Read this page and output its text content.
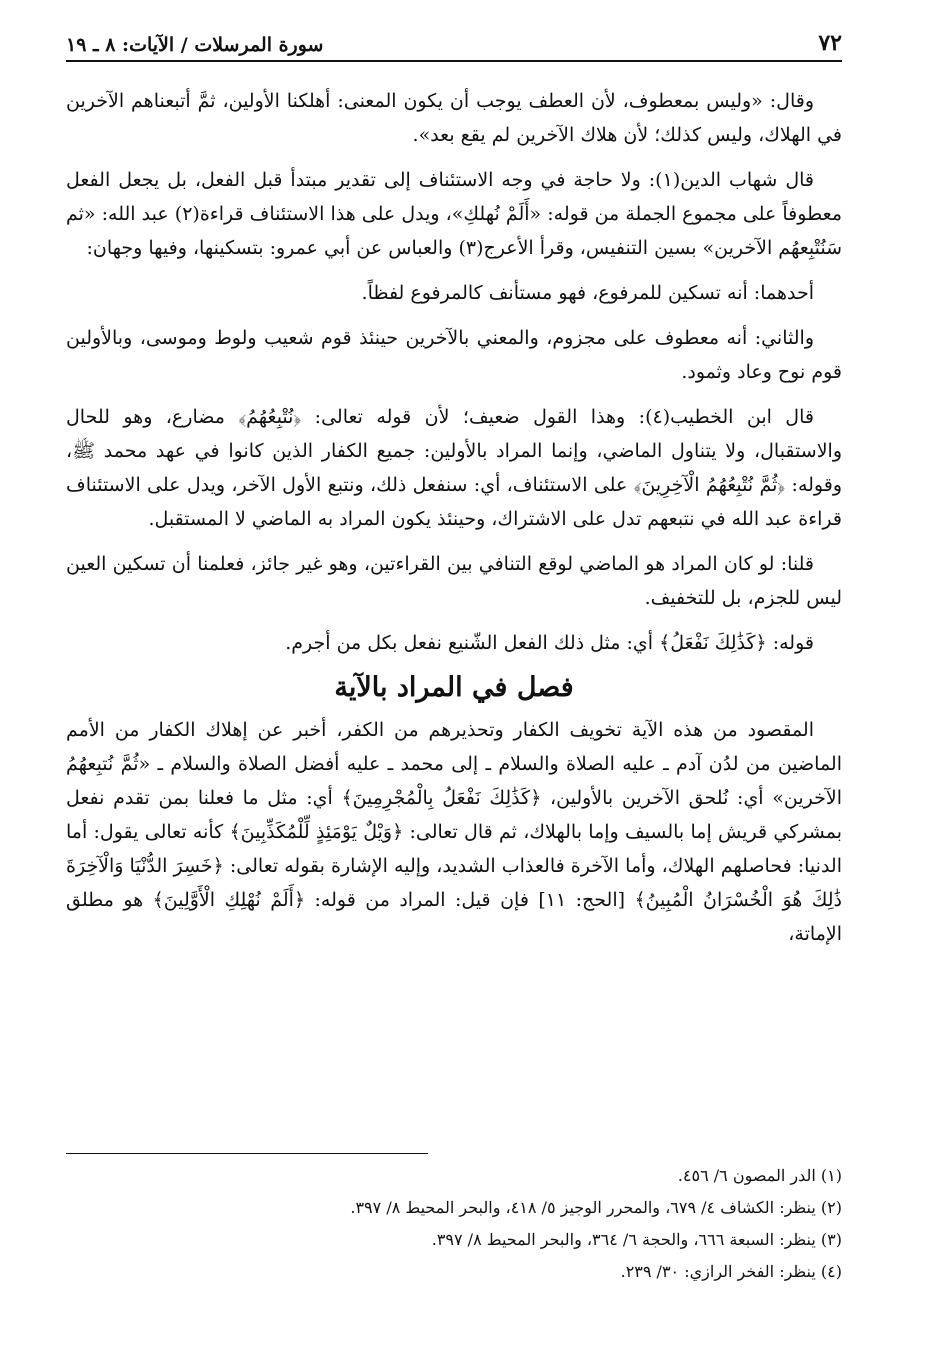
سورة المرسلات / الآيات: ٨ ـ ١٩	٧٢

وقال: «وليس بمعطوف، لأن العطف يوجب أن يكون المعنى: أهلكنا الأولين، ثمَّ أتبعناهم الآخرين في الهلاك، وليس كذلك؛ لأن هلاك الآخرين لم يقع بعد».

قال شهاب الدين(١): ولا حاجة في وجه الاستئناف إلى تقدير مبتدأ قبل الفعل، بل يجعل الفعل معطوفاً على مجموع الجملة من قوله: «أَلَمْ نُهلكِ»، ويدل على هذا الاستئناف قراءة(٢) عبد الله: «ثم سَنُتْبِعهُم الآخرين» بسين التنفيس، وقرأ الأعرج(٣) والعباس عن أبي عمرو: بتسكينها، وفيها وجهان:

أحدهما: أنه تسكين للمرفوع، فهو مستأنف كالمرفوع لفظاً.

والثاني: أنه معطوف على مجزوم، والمعني بالآخرين حينئذ قوم شعيب ولوط وموسى، وبالأولين قوم نوح وعاد وثمود.

قال ابن الخطيب(٤): وهذا القول ضعيف؛ لأن قوله تعالى: ﴿نُتْبِعُهُمُ﴾ مضارع، وهو للحال والاستقبال، ولا يتناول الماضي، وإنما المراد بالأولين: جميع الكفار الذين كانوا في عهد محمد ﷺ، وقوله: ﴿ثُمَّ نُتْبِعُهُمُ الْآخِرِينَ﴾ على الاستئناف، أي: سنفعل ذلك، ونتبع الأول الآخر، ويدل على الاستئناف قراءة عبد الله في نتبعهم تدل على الاشتراك، وحينئذ يكون المراد به الماضي لا المستقبل.

قلنا: لو كان المراد هو الماضي لوقع التنافي بين القراءتين، وهو غير جائز، فعلمنا أن تسكين العين ليس للجزم، بل للتخفيف.

قوله: ﴿كَذَٰلِكَ نَفْعَلُ﴾ أي: مثل ذلك الفعل الشّنيع نفعل بكل من أجرم.

فصل في المراد بالآية

المقصود من هذه الآية تخويف الكفار وتحذيرهم من الكفر، أخبر عن إهلاك الكفار من الأمم الماضين من لدُن آدم ـ عليه الصلاة والسلام ـ إلى محمد ـ عليه أفضل الصلاة والسلام ـ «ثُمَّ نُتبِعهُمُ الآخرين» أي: نُلحق الآخرين بالأولين، ﴿كَذَٰلِكَ نَفْعَلُ بِالْمُجْرِمِينَ﴾ أي: مثل ما فعلنا بمن تقدم نفعل بمشركي قريش إما بالسيف وإما بالهلاك، ثم قال تعالى: ﴿وَيْلٌ يَوْمَئِذٍ لِّلْمُكَذِّبِينَ﴾ كأنه تعالى يقول: أما الدنيا: فحاصلهم الهلاك، وأما الآخرة فالعذاب الشديد، وإليه الإشارة بقوله تعالى: ﴿خَسِرَ الدُّنْيَا وَالْآخِرَةَ ذَٰلِكَ هُوَ الْخُسْرَانُ الْمُبِينُ﴾ [الحج: ١١] فإن قيل: المراد من قوله: ﴿أَلَمْ نُهْلِكِ الْأَوَّلِينَ﴾ هو مطلق الإماتة،

(١) الدر المصون ٦/ ٤٥٦.
(٢) ينظر: الكشاف ٤/ ٦٧٩، والمحرر الوجيز ٥/ ٤١٨، والبحر المحيط ٨/ ٣٩٧.
(٣) ينظر: السبعة ٦٦٦، والحجة ٦/ ٣٦٤، والبحر المحيط ٨/ ٣٩٧.
(٤) ينظر: الفخر الرازي: ٣٠/ ٢٣٩.
